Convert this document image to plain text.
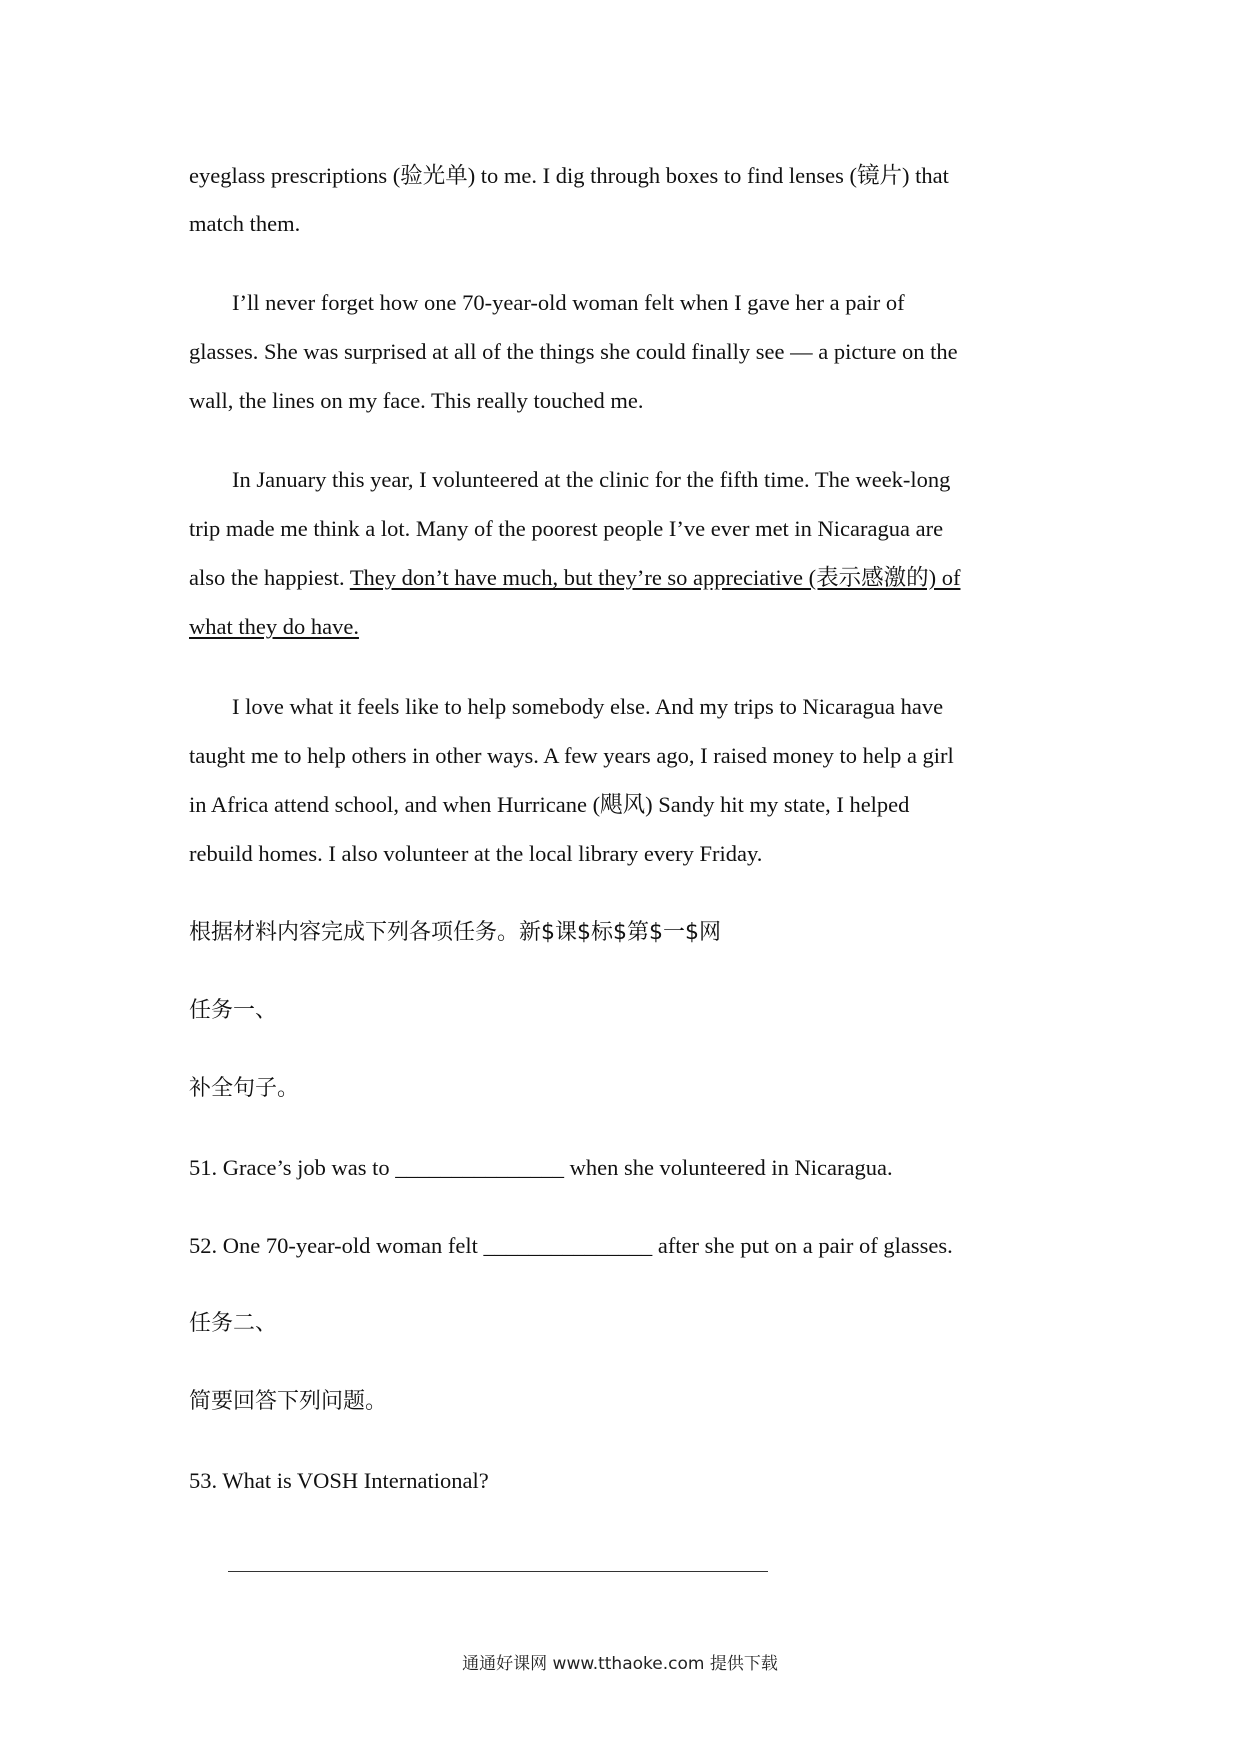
eyeglass prescriptions (验光单) to me. I dig through boxes to find lenses (镜片) that
match them.
I’ll never forget how one 70-year-old woman felt when I gave her a pair of
glasses. She was surprised at all of the things she could finally see — a picture on the
wall, the lines on my face. This really touched me.
In January this year, I volunteered at the clinic for the fifth time. The week-long
trip made me think a lot. Many of the poorest people I’ve ever met in Nicaragua are
also the happiest. They don’t have much, but they’re so appreciative (表示感激的) of
what they do have.
I love what it feels like to help somebody else. And my trips to Nicaragua have
taught me to help others in other ways. A few years ago, I raised money to help a girl
in Africa attend school, and when Hurricane (飓风) Sandy hit my state, I helped
rebuild homes. I also volunteer at the local library every Friday.
根据材料内容完成下列各项任务。新$课$标$第$一$网
任务一、
补全句子。
51. Grace’s job was to _______________ when she volunteered in Nicaragua.
52. One 70-year-old woman felt _______________ after she put on a pair of glasses.
任务二、
简要回答下列问题。
53. What is VOSH International?
通通好课网 www.tthaoke.com 提供下载
